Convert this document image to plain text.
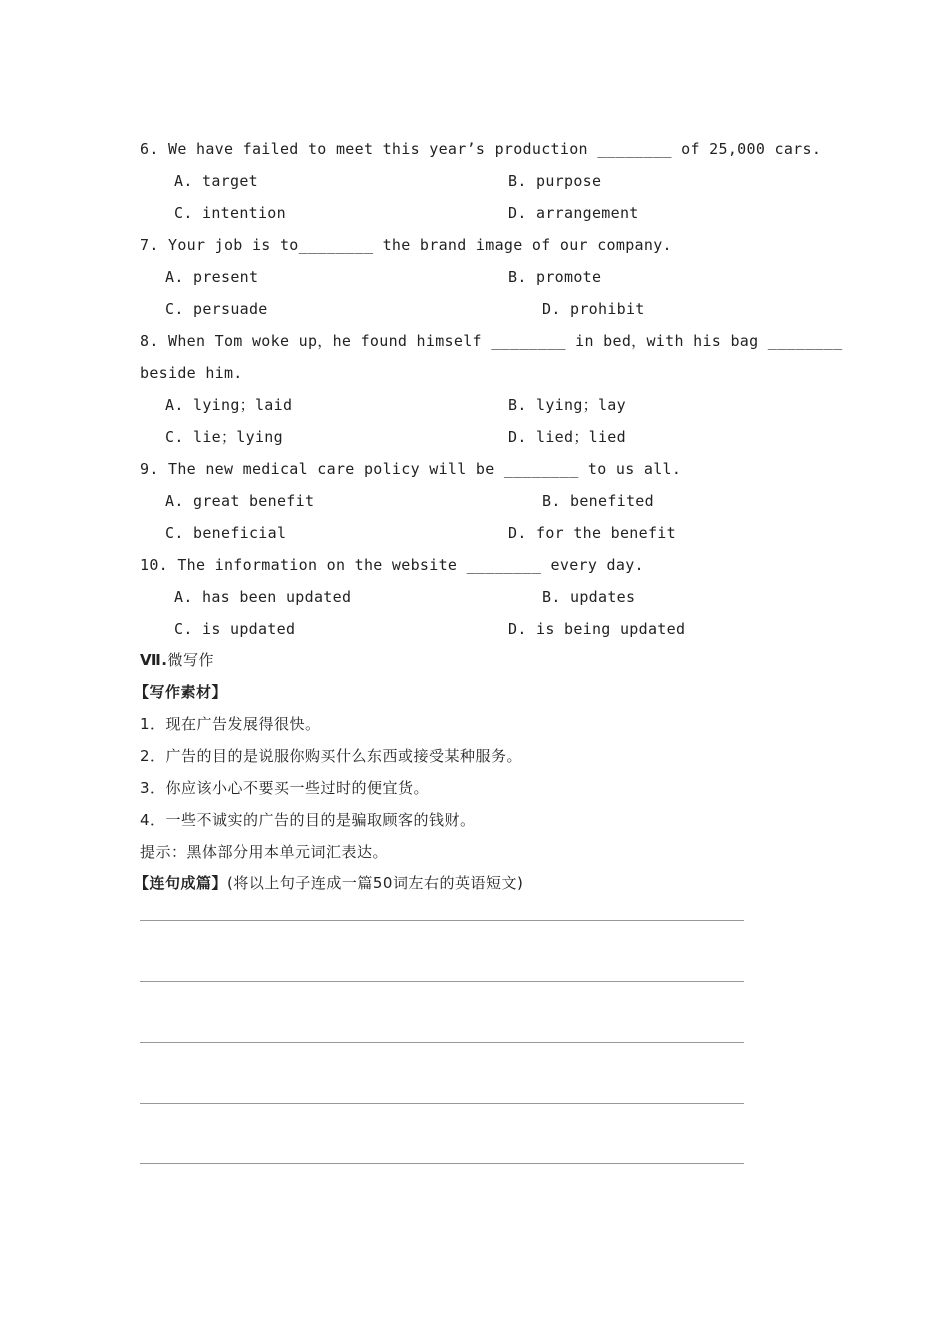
6. We have failed to meet this year’s production ________ of 25,000 cars.
A. target	B. purpose
C. intention	D. arrangement
7. Your job is to________ the brand image of our company.
A. present	B. promote
C. persuade	D. prohibit
8. When Tom woke up，he found himself ________ in bed，with his bag ________
beside him.
A. lying；laid	B. lying；lay
C. lie；lying	D. lied；lied
9. The new medical care policy will be ________ to us all.
A. great benefit	B. benefited
C. beneficial	D. for the benefit
10. The information on the website ________ every day.
A. has been updated	B. updates
C. is updated	D. is being updated
Ⅶ.微写作
【写作素材】
1．现在广告发展得很快。
2．广告的目的是说服你购买什么东西或接受某种服务。
3．你应该小心不要买一些过时的便宜货。
4．一些不诚实的广告的目的是骗取顾客的钱财。
提示：黑体部分用本单元词汇表达。
【连句成篇】(将以上句子连成一篇50词左右的英语短文)
